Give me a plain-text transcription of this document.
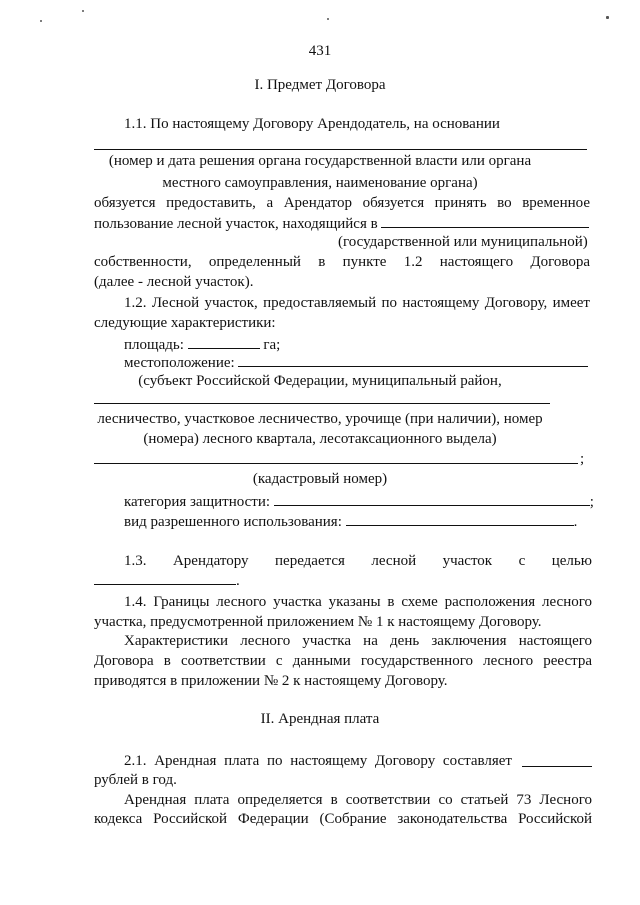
431
I. Предмет Договора
1.1. По настоящему Договору Арендодатель, на основании
(номер и дата решения органа государственной власти или органа
местного самоуправления, наименование органа)
обязуется предоставить, а Арендатор обязуется принять во временное
пользование лесной участок, находящийся в
(государственной или муниципальной)
собственности, определенный в пункте 1.2 настоящего Договора
(далее - лесной участок).
1.2. Лесной участок, предоставляемый по настоящему Договору, имеет
следующие характеристики:
площадь:	га;
местоположение:
(субъект Российской Федерации, муниципальный район,
лесничество, участковое лесничество, урочище (при наличии), номер
(номера) лесного квартала, лесотаксационного выдела)
;
(кадастровый номер)
категория защитности:	;
вид разрешенного использования:	.
1.3. Арендатору передается лесной участок с целью
.
1.4. Границы лесного участка указаны в схеме расположения лесного
участка, предусмотренной приложением № 1 к настоящему Договору.
Характеристики лесного участка на день заключения настоящего
Договора в соответствии с данными государственного лесного реестра
приводятся в приложении № 2 к настоящему Договору.
II. Арендная плата
2.1. Арендная плата по настоящему Договору составляет
рублей в год.
Арендная плата определяется в соответствии со статьей 73 Лесного
кодекса Российской Федерации (Собрание законодательства Российской
